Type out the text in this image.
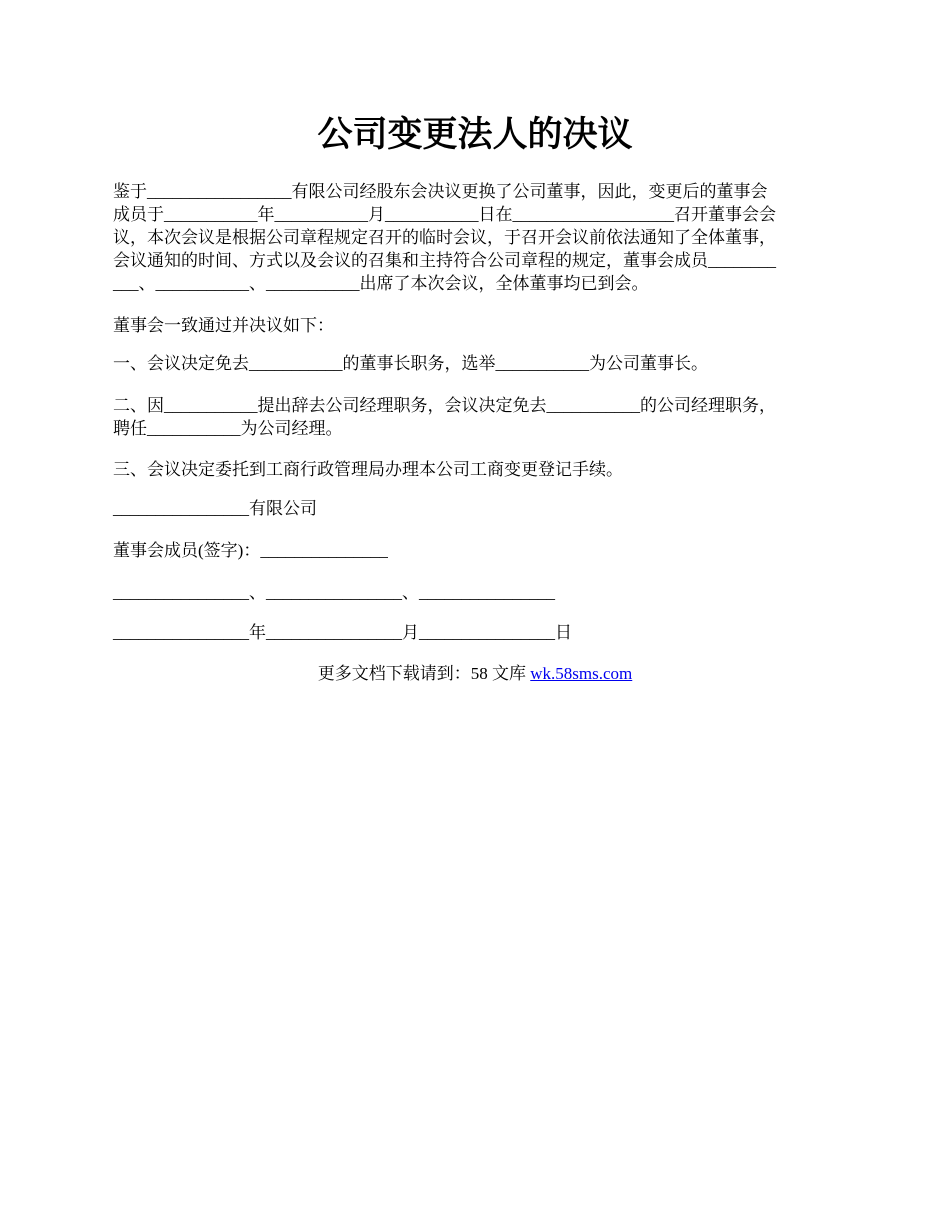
公司变更法人的决议
鉴于_________________有限公司经股东会决议更换了公司董事，因此，变更后的董事会
成员于___________年___________月___________日在___________________召开董事会会
议，本次会议是根据公司章程规定召开的临时会议，于召开会议前依法通知了全体董事，
会议通知的时间、方式以及会议的召集和主持符合公司章程的规定，董事会成员________
___、___________、___________出席了本次会议，全体董事均已到会。
董事会一致通过并决议如下：
一、会议决定免去___________的董事长职务，选举___________为公司董事长。
二、因___________提出辞去公司经理职务，会议决定免去___________的公司经理职务，
聘任___________为公司经理。
三、会议决定委托到工商行政管理局办理本公司工商变更登记手续。
________________有限公司
董事会成员(签字)：_______________
________________、________________、________________
________________年________________月________________日
更多文档下载请到：58 文库 wk.58sms.com
